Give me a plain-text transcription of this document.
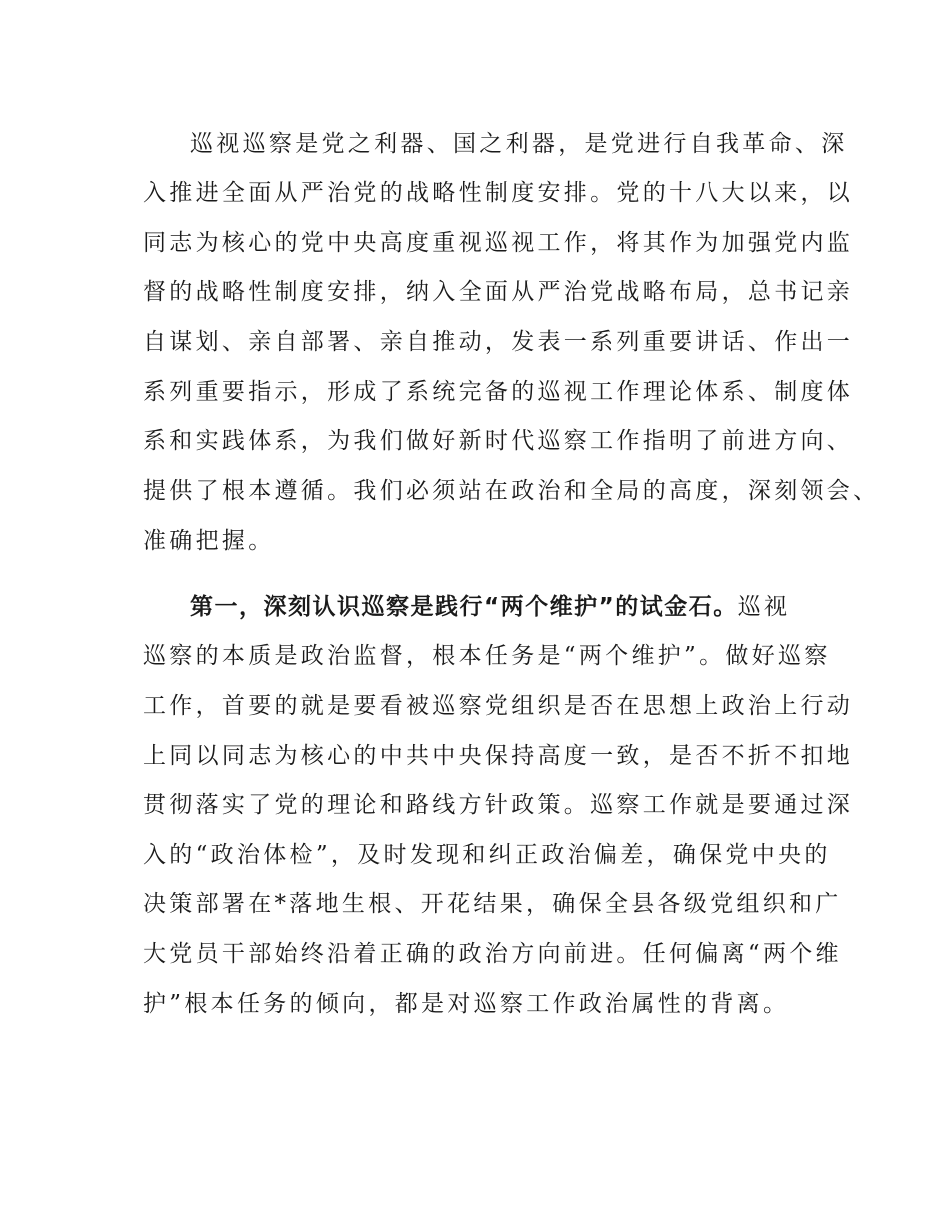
巡视巡察是党之利器、国之利器，是党进行自我革命、深
入推进全面从严治党的战略性制度安排。党的十八大以来，以
同志为核心的党中央高度重视巡视工作，将其作为加强党内监
督的战略性制度安排，纳入全面从严治党战略布局，总书记亲
自谋划、亲自部署、亲自推动，发表一系列重要讲话、作出一
系列重要指示，形成了系统完备的巡视工作理论体系、制度体
系和实践体系，为我们做好新时代巡察工作指明了前进方向、
提供了根本遵循。我们必须站在政治和全局的高度，深刻领会、
准确把握。
第一，深刻认识巡察是践行“两个维护”的试金石。巡视
巡察的本质是政治监督，根本任务是“两个维护”。做好巡察
工作，首要的就是要看被巡察党组织是否在思想上政治上行动
上同以同志为核心的中共中央保持高度一致，是否不折不扣地
贯彻落实了党的理论和路线方针政策。巡察工作就是要通过深
入的“政治体检”，及时发现和纠正政治偏差，确保党中央的
决策部署在*落地生根、开花结果，确保全县各级党组织和广
大党员干部始终沿着正确的政治方向前进。任何偏离“两个维
护”根本任务的倾向，都是对巡察工作政治属性的背离。
